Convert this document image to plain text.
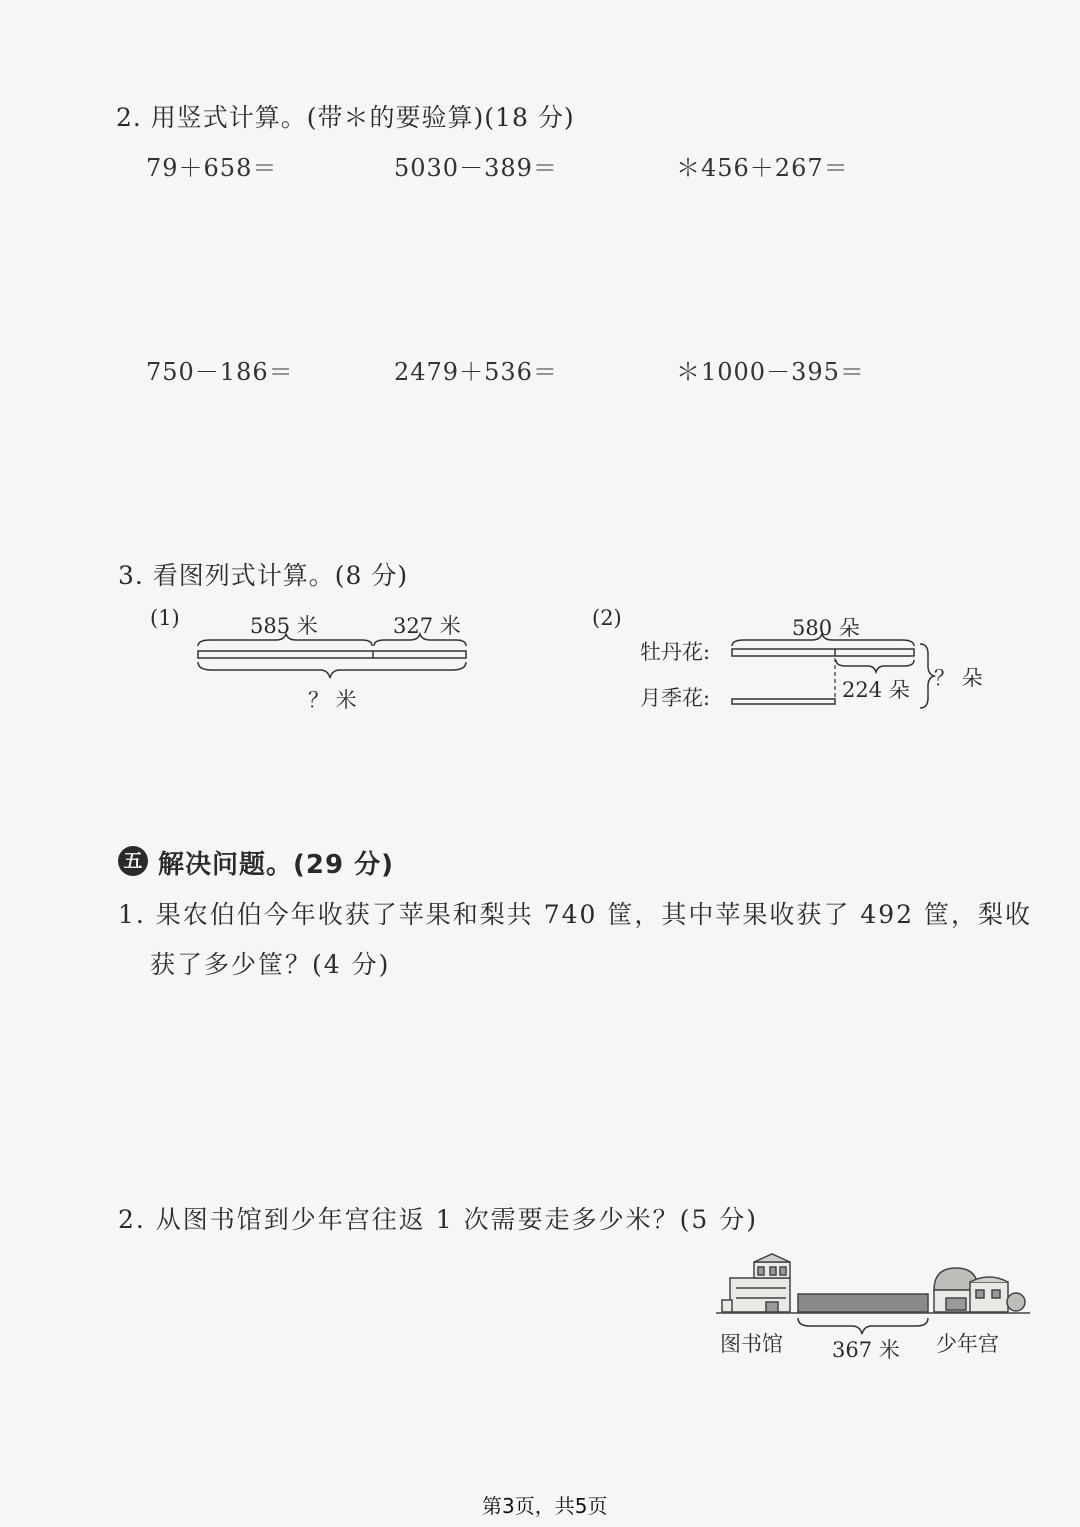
2. 用竖式计算。(带＊的要验算)(18 分)
79＋658＝	5030－389＝	＊456＋267＝
750－186＝	2479＋536＝	＊1000－395＝
3. 看图列式计算。(8 分)
(1)	585 米	327 米
？ 米
(2)	580 朵
牡丹花:
月季花:	224 朵 ？ 朵
五 解决问题。(29 分)
1. 果农伯伯今年收获了苹果和梨共 740 筐，其中苹果收获了 492 筐，梨收
获了多少筐？(4 分)
2. 从图书馆到少年宫往返 1 次需要走多少米？(5 分)
图书馆 367 米 少年宫
第3页，共5页
